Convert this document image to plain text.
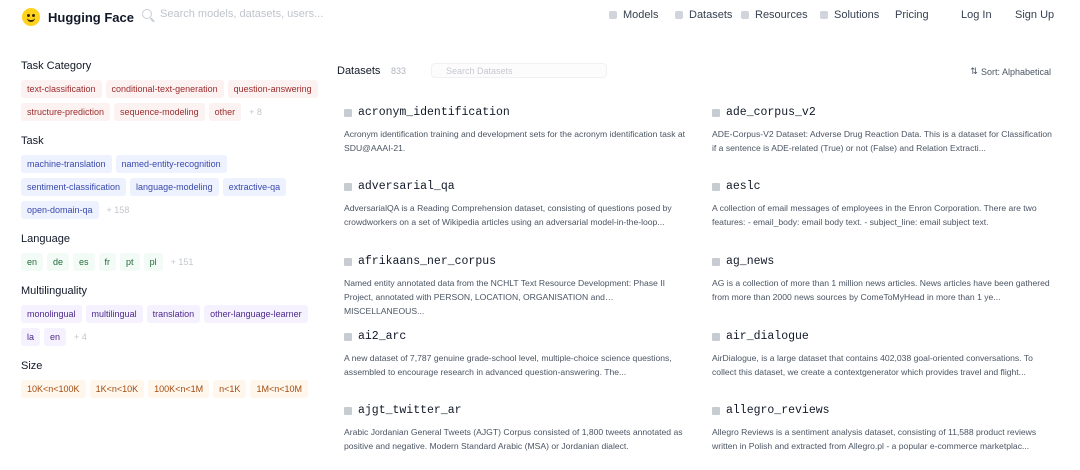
Hugging Face
Search models, datasets, users...	Models	Datasets Resources Solutions Pricing	Log In Sign Up
Task Category
text-classification	conditional-text-generation	question-answering
structure-prediction	sequence-modeling	other	+ 8
Task
machine-translation	named-entity-recognition
sentiment-classification	language-modeling	extractive-qa
open-domain-qa	+ 158
Language
en	de	es	fr	pt	pl	+ 151
Multilinguality
monolingual	multilingual	translation	other-language-learner
la	en	+ 4
Size
10K<n<100K	1K<n<10K	100K<n<1M	n<1K	1M<n<10M
Datasets 833	Search Datasets	⇅ Sort: Alphabetical
acronym_identification
Acronym identification training and development sets for the acronym identification task at SDU@AAAI-21.
ade_corpus_v2
ADE-Corpus-V2 Dataset: Adverse Drug Reaction Data. This is a dataset for Classification if a sentence is ADE-related (True) or not (False) and Relation Extracti...
adversarial_qa
AdversarialQA is a Reading Comprehension dataset, consisting of questions posed by crowdworkers on a set of Wikipedia articles using an adversarial model-in-the-loop...
aeslc
A collection of email messages of employees in the Enron Corporation. There are two features: - email_body: email body text. - subject_line: email subject text.
afrikaans_ner_corpus
Named entity annotated data from the NCHLT Text Resource Development: Phase II Project, annotated with PERSON, LOCATION, ORGANISATION and MISCELLANEOUS...
ag_news
AG is a collection of more than 1 million news articles. News articles have been gathered from more than 2000 news sources by ComeToMyHead in more than 1 ye...
ai2_arc
A new dataset of 7,787 genuine grade-school level, multiple-choice science questions, assembled to encourage research in advanced question-answering. The...
air_dialogue
AirDialogue, is a large dataset that contains 402,038 goal-oriented conversations. To collect this dataset, we create a contextgenerator which provides travel and flight...
ajgt_twitter_ar
Arabic Jordanian General Tweets (AJGT) Corpus consisted of 1,800 tweets annotated as positive and negative. Modern Standard Arabic (MSA) or Jordanian dialect.
allegro_reviews
Allegro Reviews is a sentiment analysis dataset, consisting of 11,588 product reviews written in Polish and extracted from Allegro.pl - a popular e-commerce marketplac...
